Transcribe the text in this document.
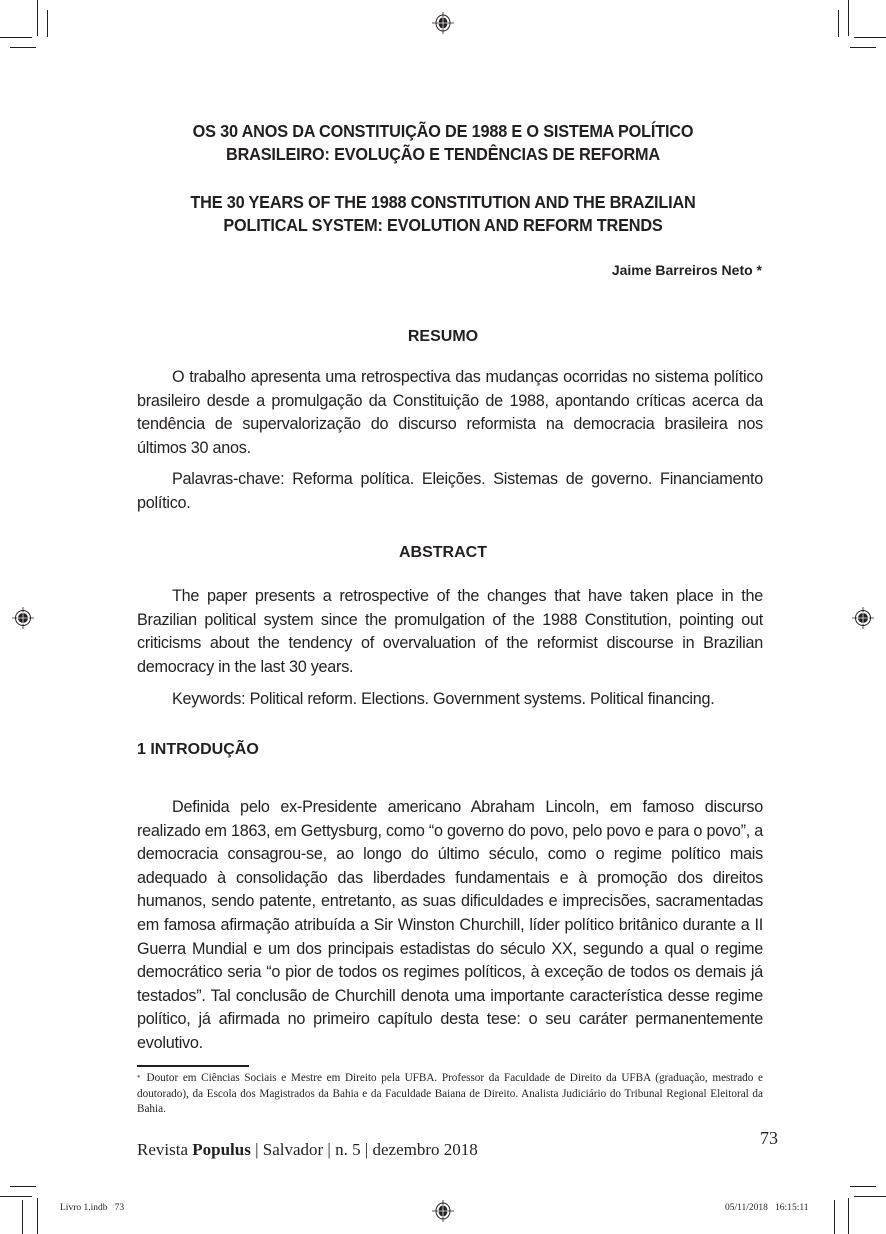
OS 30 ANOS DA CONSTITUIÇÃO DE 1988 E O SISTEMA POLÍTICO
BRASILEIRO: EVOLUÇÃO E TENDÊNCIAS DE REFORMA
THE 30 YEARS OF THE 1988 CONSTITUTION AND THE BRAZILIAN
POLITICAL SYSTEM: EVOLUTION AND REFORM TRENDS
Jaime Barreiros Neto *
RESUMO
O trabalho apresenta uma retrospectiva das mudanças ocorridas no sistema político brasileiro desde a promulgação da Constituição de 1988, apontando críticas acerca da tendência de supervalorização do discurso reformista na democracia brasileira nos últimos 30 anos.
Palavras-chave: Reforma política. Eleições. Sistemas de governo. Financiamento político.
ABSTRACT
The paper presents a retrospective of the changes that have taken place in the Brazilian political system since the promulgation of the 1988 Constitution, pointing out criticisms about the tendency of overvaluation of the reformist discourse in Brazilian democracy in the last 30 years.
Keywords: Political reform. Elections. Government systems. Political financing.
1 INTRODUÇÃO
Definida pelo ex-Presidente americano Abraham Lincoln, em famoso discurso realizado em 1863, em Gettysburg, como “o governo do povo, pelo povo e para o povo”, a democracia consagrou-se, ao longo do último século, como o regime político mais adequado à consolidação das liberdades fundamentais e à promoção dos direitos humanos, sendo patente, entretanto, as suas dificuldades e imprecisões, sacramentadas em famosa afirmação atribuída a Sir Winston Churchill, líder político britânico durante a II Guerra Mundial e um dos principais estadistas do século XX, segundo a qual o regime democrático seria “o pior de todos os regimes políticos, à exceção de todos os demais já testados”. Tal conclusão de Churchill denota uma importante característica desse regime político, já afirmada no primeiro capítulo desta tese: o seu caráter permanentemente evolutivo.
* Doutor em Ciências Sociais e Mestre em Direito pela UFBA. Professor da Faculdade de Direito da UFBA (graduação, mestrado e doutorado), da Escola dos Magistrados da Bahia e da Faculdade Baiana de Direito. Analista Judiciário do Tribunal Regional Eleitoral da Bahia.
Revista Populus | Salvador | n. 5 | dezembro 2018
73
Livro 1.indb   73	05/11/2018   16:15:11
